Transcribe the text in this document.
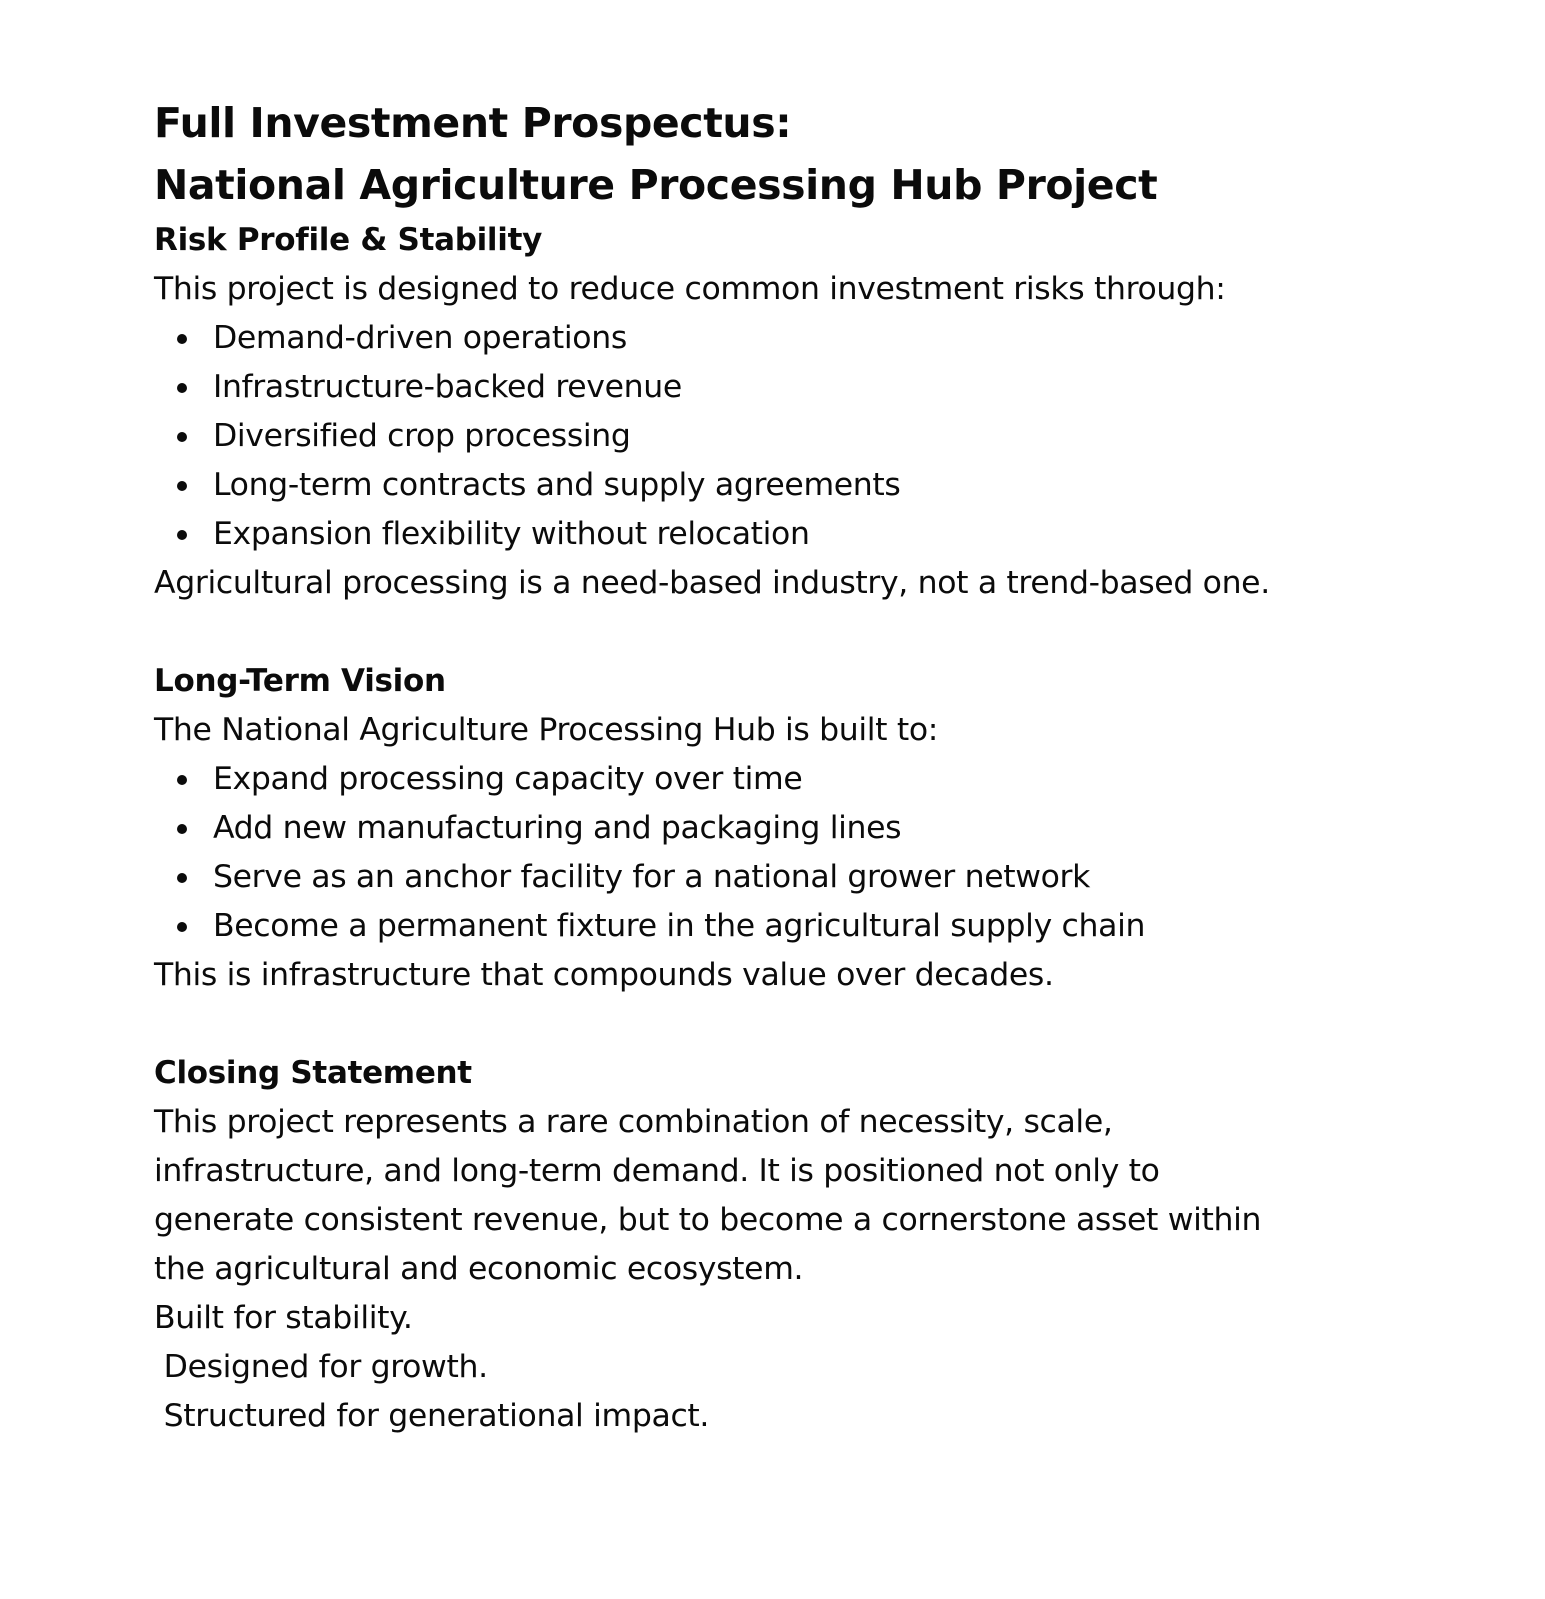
Full Investment Prospectus:
National Agriculture Processing Hub Project
Risk Profile & Stability

This project is designed to reduce common investment risks through:

Demand-driven operations
Infrastructure-backed revenue
Diversified crop processing
Long-term contracts and supply agreements
Expansion flexibility without relocation

Agricultural processing is a need-based industry, not a trend-based one.

Long-Term Vision

The National Agriculture Processing Hub is built to:

Expand processing capacity over time
Add new manufacturing and packaging lines
Serve as an anchor facility for a national grower network
Become a permanent fixture in the agricultural supply chain

This is infrastructure that compounds value over decades.

Closing Statement

This project represents a rare combination of necessity, scale,

infrastructure, and long-term demand. It is positioned not only to

generate consistent revenue, but to become a cornerstone asset within

the agricultural and economic ecosystem.

Built for stability.

Designed for growth.

Structured for generational impact.
